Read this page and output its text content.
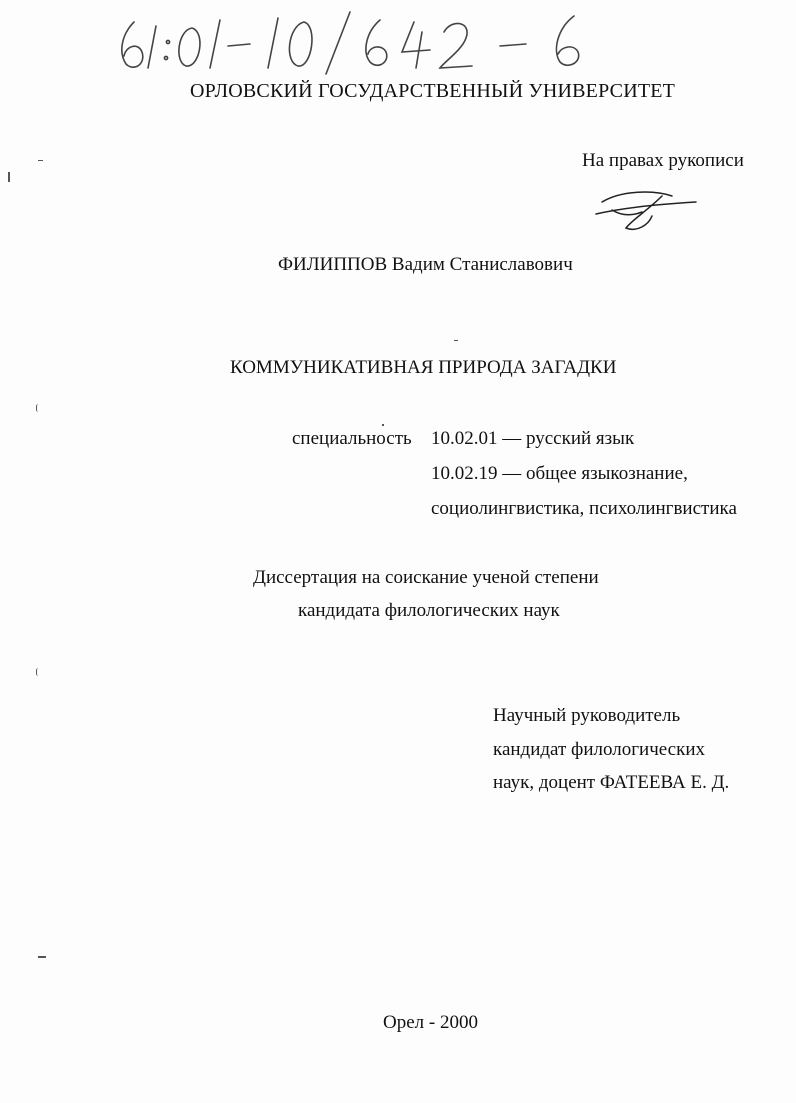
ОРЛОВСКИЙ ГОСУДАРСТВЕННЫЙ УНИВЕРСИТЕТ
На правах рукописи
ФИЛИППОВ Вадим Станиславович
КОММУНИКАТИВНАЯ ПРИРОДА ЗАГАДКИ
специальность 10.02.01 — русский язык
10.02.19 — общее языкознание,
социолингвистика, психолингвистика
Диссертация на соискание ученой степени
кандидата филологических наук
Научный руководитель
кандидат филологических
наук, доцент ФАТЕЕВА Е. Д.
Орел - 2000
